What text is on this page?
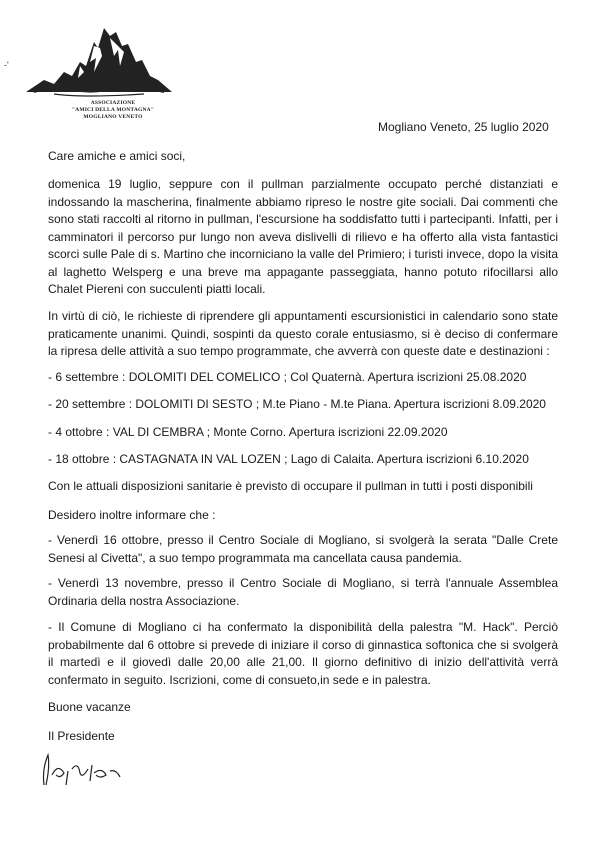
-'
ASSOCIAZIONE
"AMICI DELLA MONTAGNA"
MOGLIANO VENETO
Mogliano Veneto, 25 luglio 2020
Care amiche e amici soci,
domenica 19 luglio, seppure con il pullman parzialmente occupato perché distanziati e indossando la mascherina, finalmente abbiamo ripreso le nostre gite sociali. Dai commenti che sono stati raccolti al ritorno in pullman, l'escursione ha soddisfatto tutti i partecipanti. Infatti, per i camminatori il percorso pur lungo non aveva dislivelli di rilievo e ha offerto alla vista fantastici scorci sulle Pale di s. Martino che incorniciano la valle del Primiero; i turisti invece, dopo la visita al laghetto Welsperg e una breve ma appagante passeggiata, hanno potuto rifocillarsi allo Chalet Piereni con succulenti piatti locali.
In virtù di ciò, le richieste di riprendere gli appuntamenti escursionistici in calendario sono state praticamente unanimi. Quindi, sospinti da questo corale entusiasmo, si è deciso di confermare la ripresa delle attività a suo tempo programmate, che avverrà con queste date e destinazioni :
- 6 settembre : DOLOMITI DEL COMELICO ; Col Quaternà. Apertura iscrizioni 25.08.2020
- 20 settembre : DOLOMITI DI SESTO ; M.te Piano - M.te Piana. Apertura iscrizioni 8.09.2020
- 4 ottobre : VAL DI CEMBRA ; Monte Corno. Apertura iscrizioni 22.09.2020
- 18 ottobre : CASTAGNATA IN VAL LOZEN ; Lago di Calaita. Apertura iscrizioni 6.10.2020
Con le attuali disposizioni sanitarie è previsto di occupare il pullman in tutti i posti disponibili
Desidero inoltre informare che :
- Venerdì 16 ottobre, presso il Centro Sociale di Mogliano, si svolgerà la serata "Dalle Crete Senesi al Civetta", a suo tempo programmata ma cancellata causa pandemia.
- Venerdì 13 novembre, presso il Centro Sociale di Mogliano, si terrà l'annuale Assemblea Ordinaria della nostra Associazione.
- Il Comune di Mogliano ci ha confermato la disponibilità della palestra "M. Hack". Perciò probabilmente dal 6 ottobre si prevede di iniziare il corso di ginnastica softonica che si svolgerà il martedì e il giovedì dalle 20,00 alle 21,00. Il giorno definitivo di inizio dell'attività verrà confermato in seguito. Iscrizioni, come di consueto,in sede e in palestra.
Buone vacanze
Il Presidente
